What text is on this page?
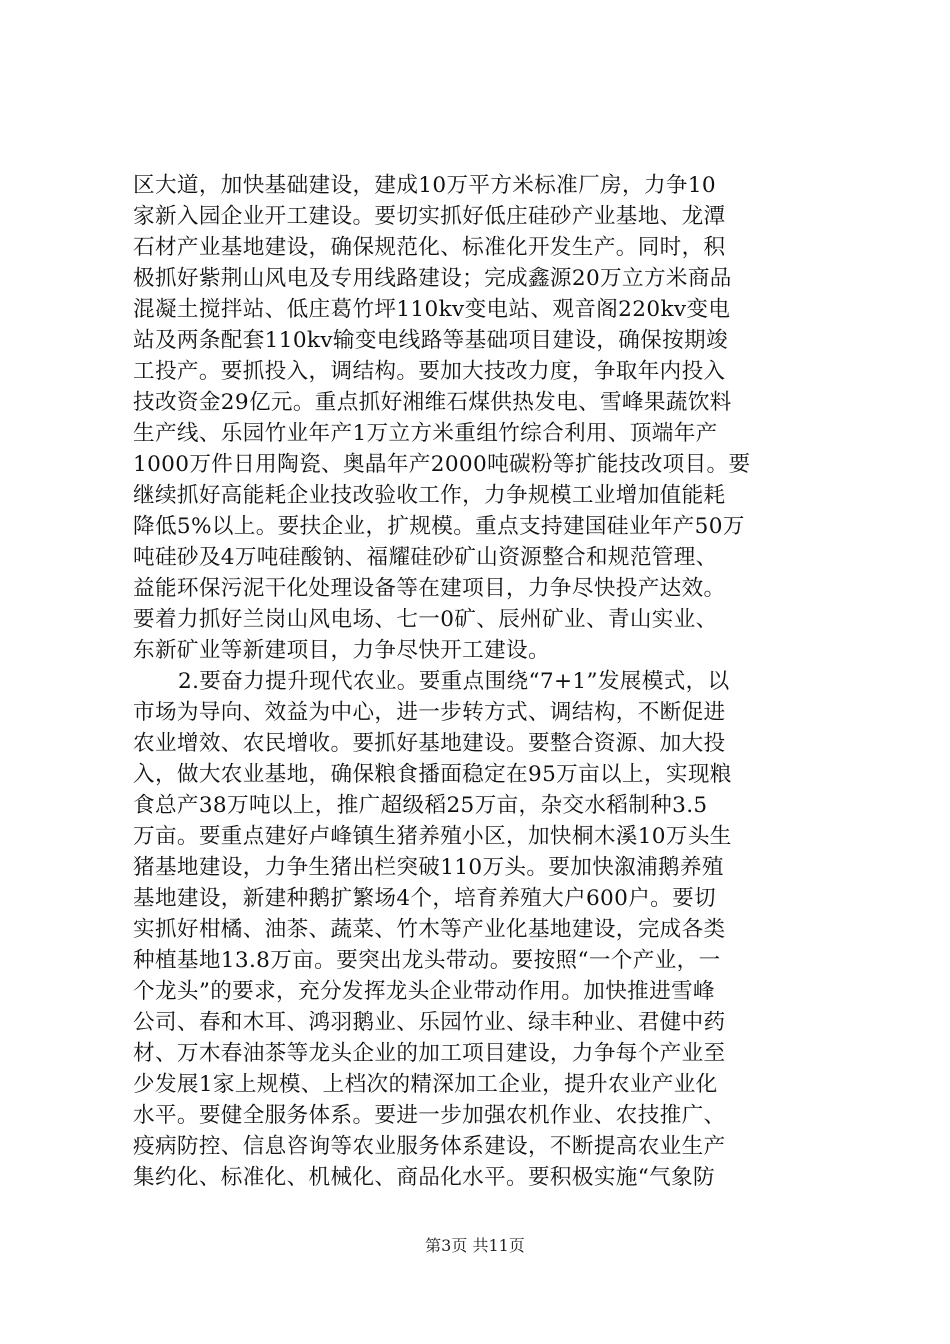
区大道，加快基础建设，建成10万平方米标准厂房，力争10
家新入园企业开工建设。要切实抓好低庄硅砂产业基地、龙潭
石材产业基地建设，确保规范化、标准化开发生产。同时，积
极抓好紫荆山风电及专用线路建设；完成鑫源20万立方米商品
混凝土搅拌站、低庄葛竹坪110kv变电站、观音阁220kv变电
站及两条配套110kv输变电线路等基础项目建设，确保按期竣
工投产。要抓投入，调结构。要加大技改力度，争取年内投入
技改资金29亿元。重点抓好湘维石煤供热发电、雪峰果蔬饮料
生产线、乐园竹业年产1万立方米重组竹综合利用、顶端年产
1000万件日用陶瓷、奥晶年产2000吨碳粉等扩能技改项目。要
继续抓好高能耗企业技改验收工作，力争规模工业增加值能耗
降低5%以上。要扶企业，扩规模。重点支持建国硅业年产50万
吨硅砂及4万吨硅酸钠、福耀硅砂矿山资源整合和规范管理、
益能环保污泥干化处理设备等在建项目，力争尽快投产达效。
要着力抓好兰岗山风电场、七一0矿、辰州矿业、青山实业、
东新矿业等新建项目，力争尽快开工建设。
2.要奋力提升现代农业。要重点围绕“7+1”发展模式，以
市场为导向、效益为中心，进一步转方式、调结构，不断促进
农业增效、农民增收。要抓好基地建设。要整合资源、加大投
入，做大农业基地，确保粮食播面稳定在95万亩以上，实现粮
食总产38万吨以上，推广超级稻25万亩，杂交水稻制种3.5
万亩。要重点建好卢峰镇生猪养殖小区，加快桐木溪10万头生
猪基地建设，力争生猪出栏突破110万头。要加快溆浦鹅养殖
基地建设，新建种鹅扩繁场4个，培育养殖大户600户。要切
实抓好柑橘、油茶、蔬菜、竹木等产业化基地建设，完成各类
种植基地13.8万亩。要突出龙头带动。要按照“一个产业，一
个龙头”的要求，充分发挥龙头企业带动作用。加快推进雪峰
公司、春和木耳、鸿羽鹅业、乐园竹业、绿丰种业、君健中药
材、万木春油茶等龙头企业的加工项目建设，力争每个产业至
少发展1家上规模、上档次的精深加工企业，提升农业产业化
水平。要健全服务体系。要进一步加强农机作业、农技推广、
疫病防控、信息咨询等农业服务体系建设，不断提高农业生产
集约化、标准化、机械化、商品化水平。要积极实施“气象防
第3页 共11页
